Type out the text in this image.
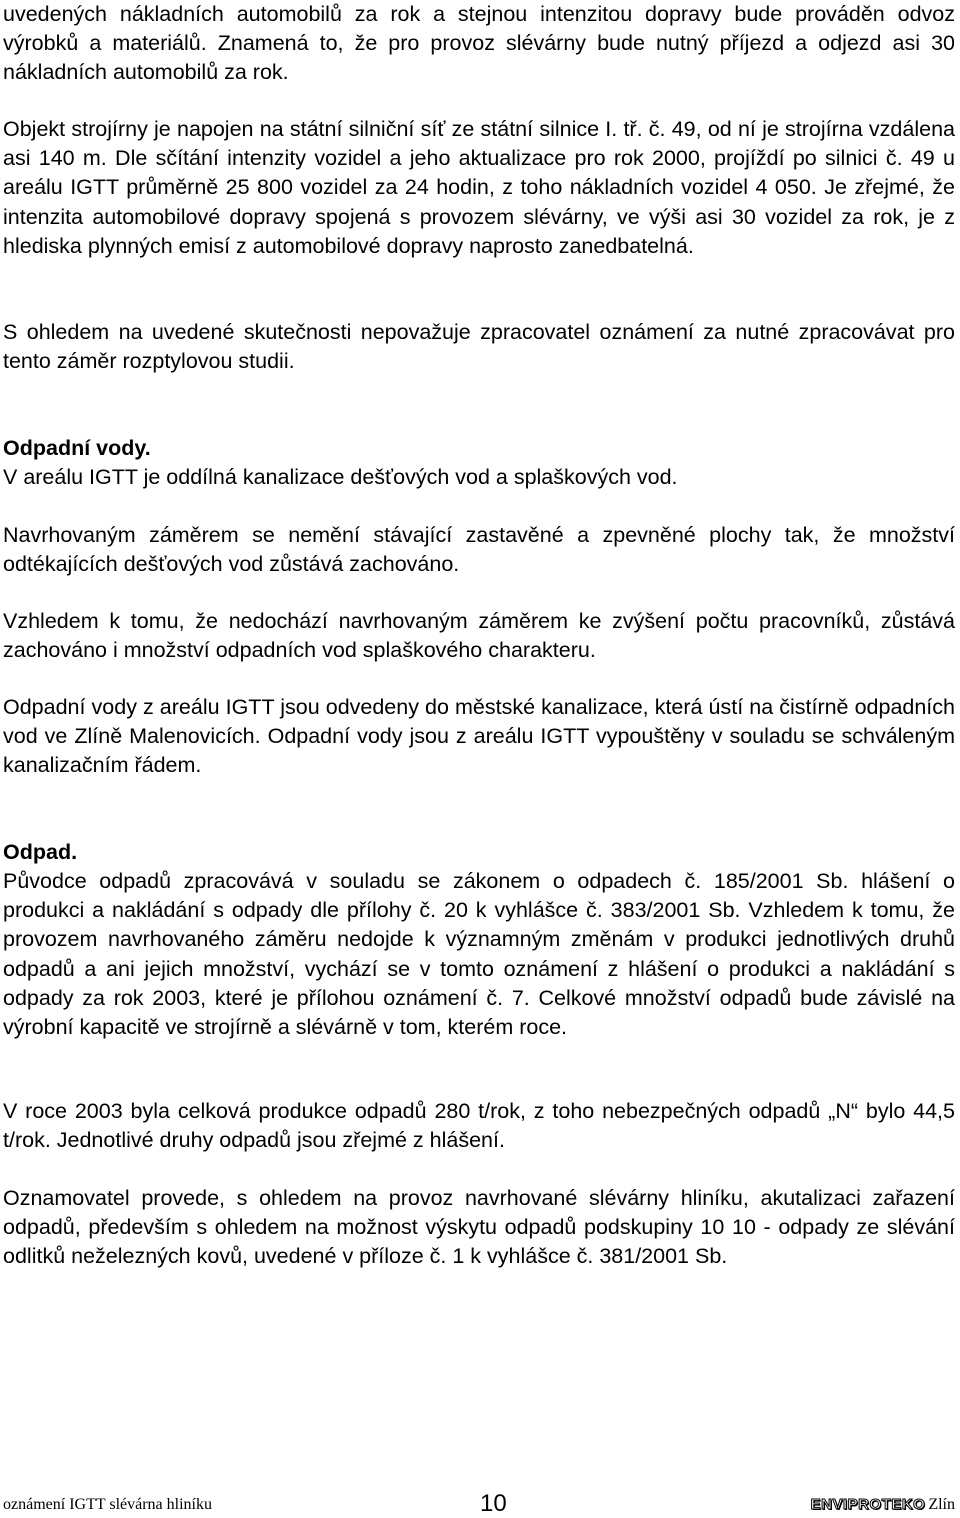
uvedených nákladních automobilů za rok a stejnou intenzitou dopravy bude prováděn odvoz výrobků a materiálů. Znamená to, že pro provoz slévárny bude nutný příjezd a odjezd asi 30 nákladních automobilů za rok.

Objekt strojírny je napojen na státní silniční síť ze státní silnice I. tř. č. 49, od ní je strojírna vzdálena asi 140 m. Dle sčítání intenzity vozidel a jeho aktualizace pro rok 2000, projíždí po silnici č. 49 u areálu IGTT průměrně 25 800 vozidel za 24 hodin, z toho nákladních vozidel 4 050. Je zřejmé, že intenzita automobilové dopravy spojená s provozem slévárny, ve výši asi 30 vozidel za rok, je z hlediska plynných emisí z automobilové dopravy naprosto zanedbatelná.

S ohledem na uvedené skutečnosti nepovažuje zpracovatel oznámení za nutné zpracovávat pro tento záměr rozptylovou studii.

Odpadní vody.

V areálu IGTT je oddílná kanalizace dešťových vod a splaškových vod.

Navrhovaným záměrem se nemění stávající zastavěné a zpevněné plochy tak, že množství odtékajících dešťových vod zůstává zachováno.

Vzhledem k tomu, že nedochází navrhovaným záměrem ke zvýšení počtu pracovníků, zůstává zachováno i množství odpadních vod splaškového charakteru.

Odpadní vody z areálu IGTT jsou odvedeny do městské kanalizace, která ústí na čistírně odpadních vod ve Zlíně Malenovicích. Odpadní vody jsou z areálu IGTT vypouštěny v souladu se schváleným kanalizačním řádem.

Odpad.

Původce odpadů zpracovává v souladu se zákonem o odpadech č. 185/2001 Sb. hlášení o produkci a nakládání s odpady dle přílohy č. 20 k vyhlášce č. 383/2001 Sb. Vzhledem k tomu, že provozem navrhovaného záměru nedojde k významným změnám v produkci jednotlivých druhů odpadů a ani jejich množství, vychází se v tomto oznámení z hlášení o produkci a nakládání s odpady za rok 2003, které je přílohou oznámení č. 7. Celkové množství odpadů bude závislé na výrobní kapacitě ve strojírně a slévárně v tom, kterém roce.

V roce 2003 byla celková produkce odpadů 280 t/rok, z toho nebezpečných odpadů „N“ bylo 44,5 t/rok. Jednotlivé druhy odpadů jsou zřejmé z hlášení.

Oznamovatel provede, s ohledem na provoz navrhované slévárny hliníku, akutalizaci zařazení odpadů, především s ohledem na možnost výskytu odpadů podskupiny 10 10 - odpady ze slévání odlitků neželezných kovů, uvedené v příloze č. 1 k vyhlášce č. 381/2001 Sb.

oznámení IGTT slévárna hliníku	10	ENVIPROTEKO Zlín
